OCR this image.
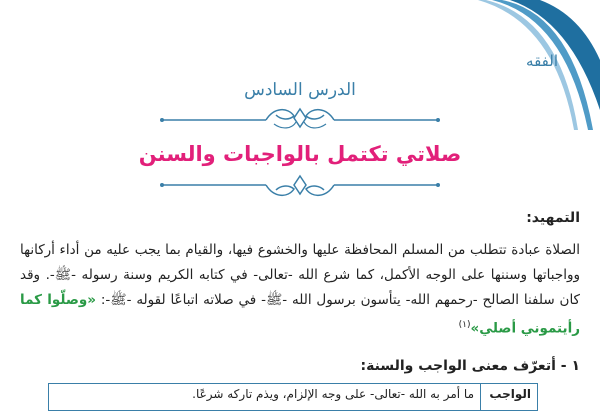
الفقه
الدرس السادس
صلاتي تكتمل بالواجبات والسنن
التمهيد:
الصلاة عبادة تتطلب من المسلم المحافظة عليها والخشوع فيها، والقيام بما يجب عليه من أداء أركانها وواجباتها وسننها على الوجه الأكمل، كما شرع الله -تعالى- في كتابه الكريم وسنة رسوله -ﷺ-. وقد كان سلفنا الصالح -رحمهم الله- يتأسون برسول الله -ﷺ- في صلاته اتباعًا لقوله -ﷺ-: «وصلّوا كما رأيتموني أصلي»$^{(١)}$
١ - أتعرّف معنى الواجب والسنة:
الواجب	ما أمر به الله -تعالى- على وجه الإلزام، ويذم تاركه شرعًا.
